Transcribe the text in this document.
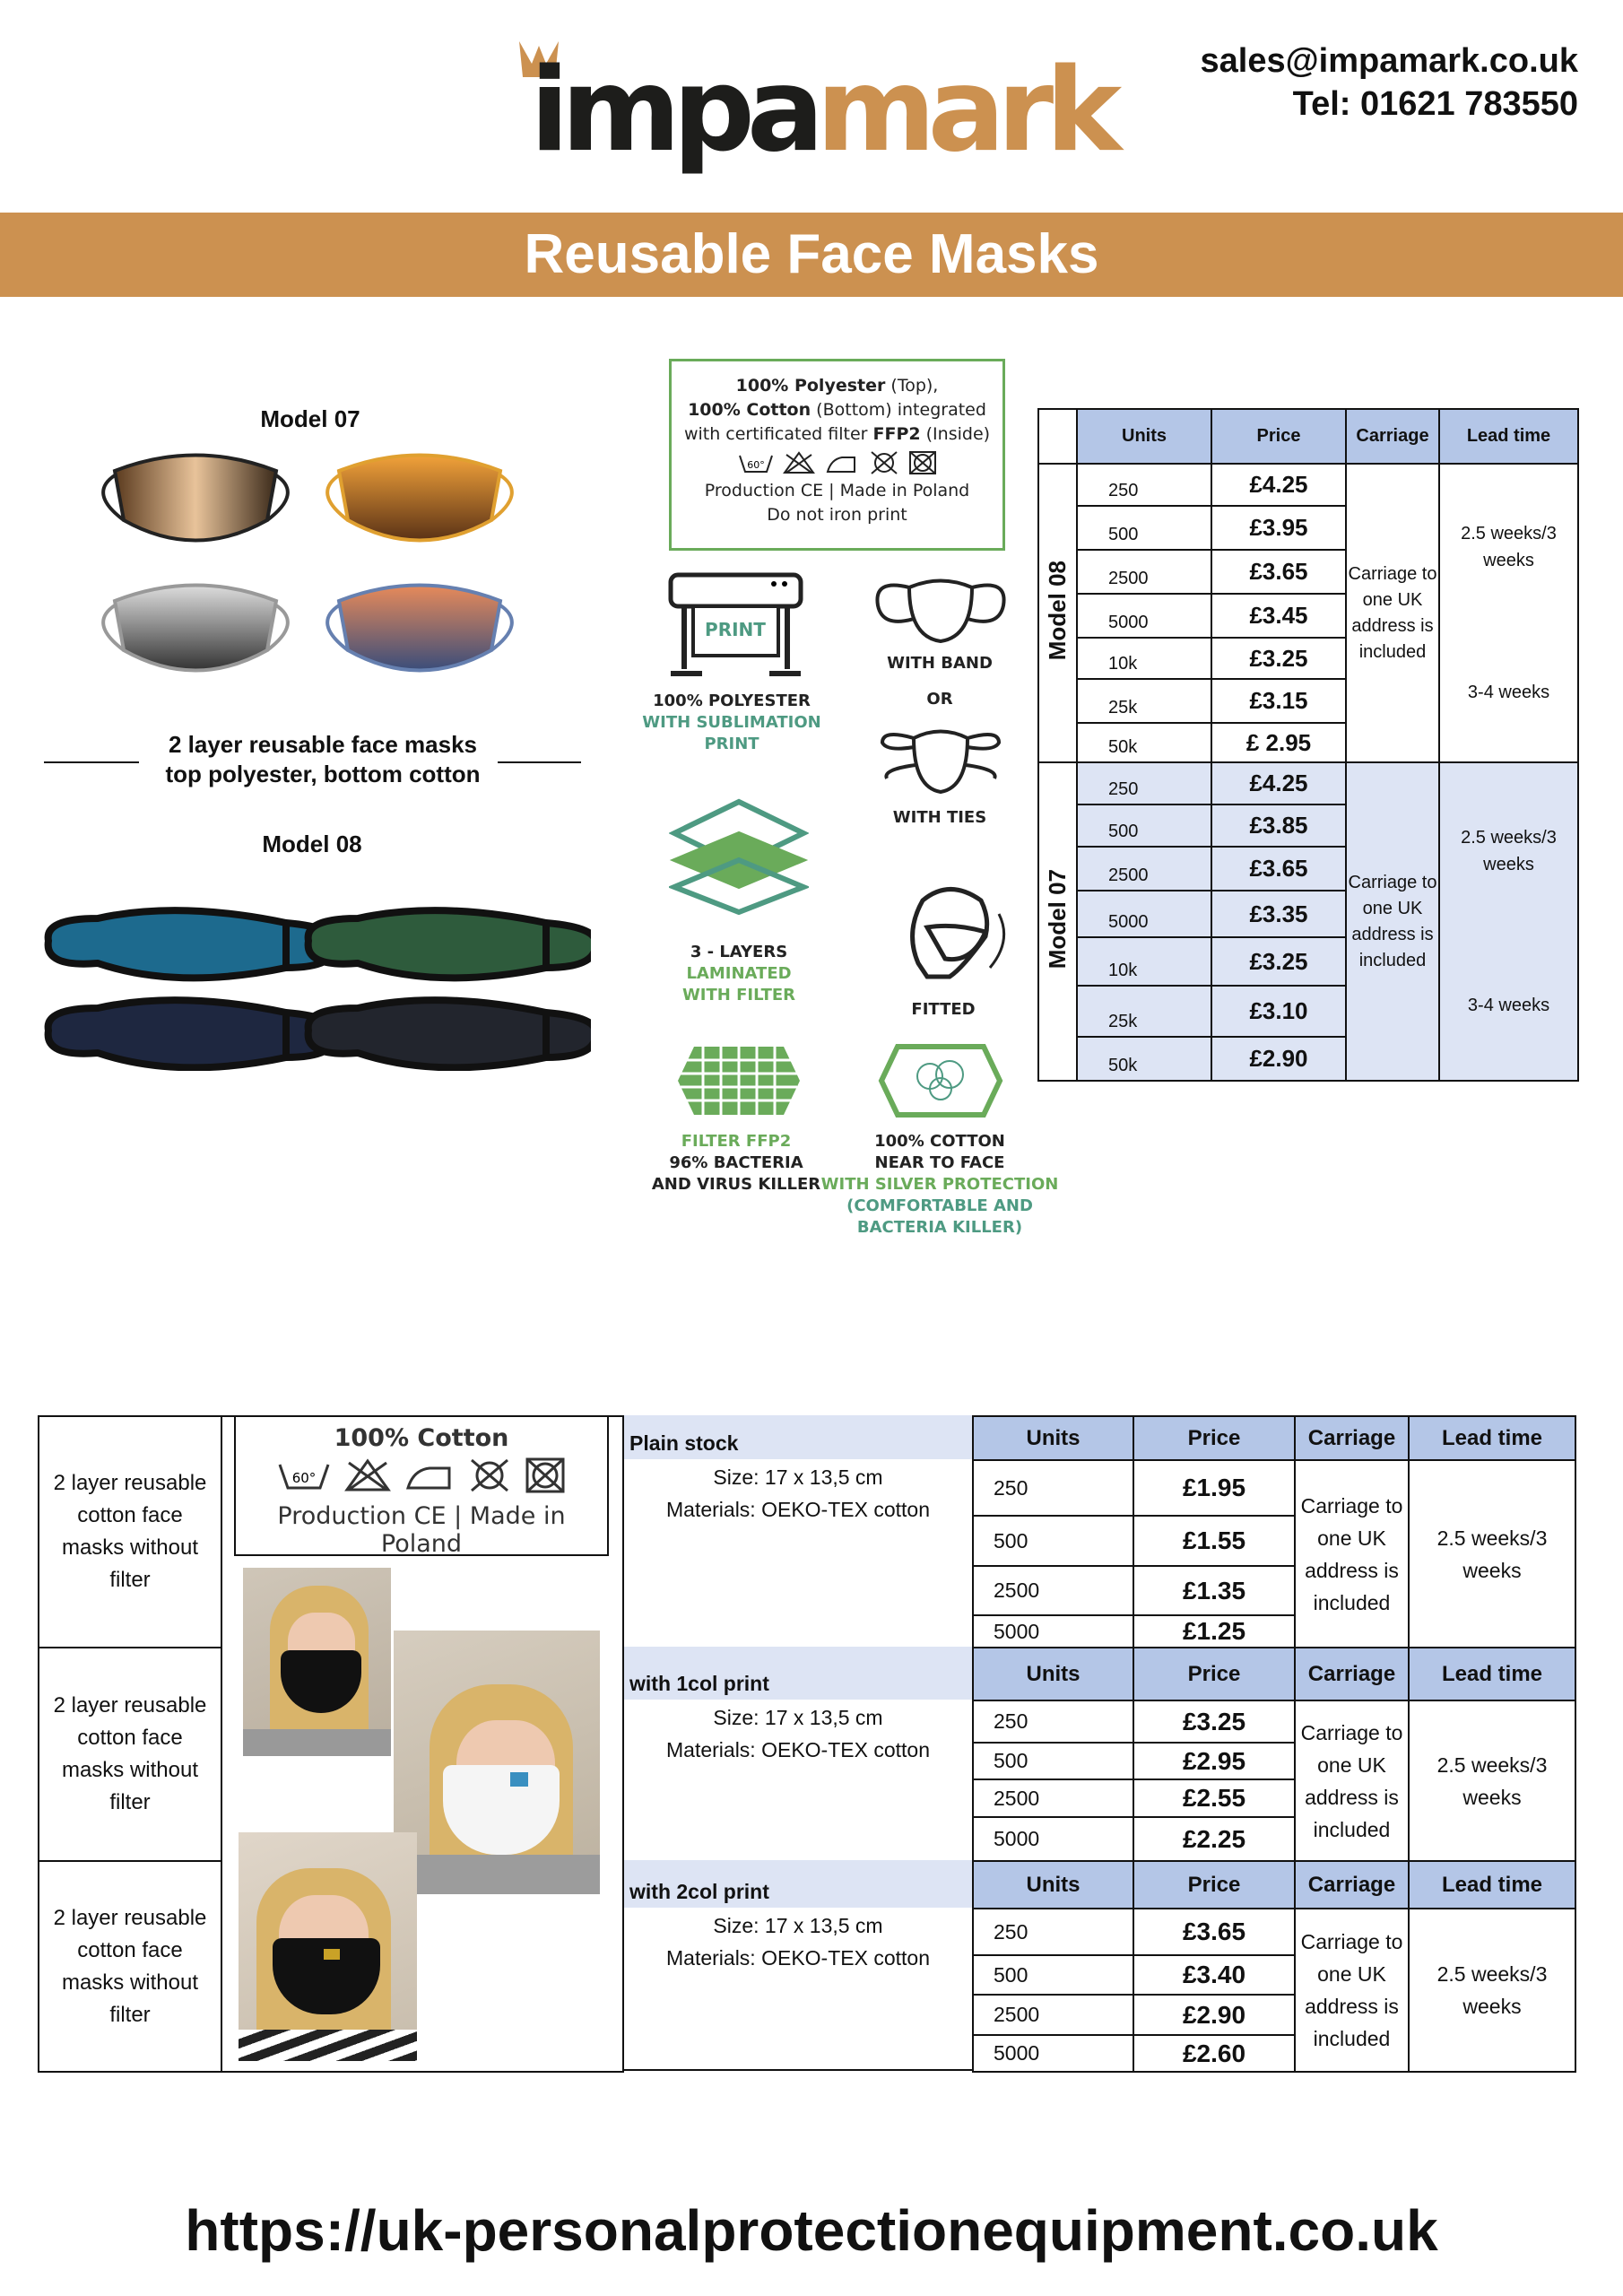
impamark	sales@impamark.co.uk
Tel: 01621 783550
Reusable Face Masks
Model 07
2 layer reusable face masks
top polyester, bottom cotton
Model 08
100% Polyester (Top),
100% Cotton (Bottom) integrated
with certificated filter FFP2 (Inside)
60°
Production CE | Made in Poland
Do not iron print
PRINT
100% POLYESTER
WITH SUBLIMATION
PRINT
WITH BAND
OR
WITH TIES
3 - LAYERS
LAMINATED
WITH FILTER
FITTED
FILTER FFP2
96% BACTERIA
AND VIRUS KILLER
100% COTTON
NEAR TO FACE
WITH SILVER PROTECTION
(COMFORTABLE AND
BACTERIA KILLER)
	Units	Price	Carriage	Lead time
Model 08	250	£4.25	Carriage to one UK address is included	2.5 weeks/3 weeks
3-4 weeks

	500	£3.95		
	2500	£3.65		
	5000	£3.45		
	10k	£3.25		
	25k	£3.15		
	50k	£ 2.95		
Model 07	250	£4.25	Carriage to one UK address is included	2.5 weeks/3 weeks
3-4 weeks

	500	£3.85		
	2500	£3.65		
	5000	£3.35		
	10k	£3.25		
	25k	£3.10		
	50k	£2.90		
2 layer reusable cotton face masks without filter
2 layer reusable cotton face masks without filter
2 layer reusable cotton face masks without filter
100% Cotton
60°
Production CE | Made in Poland
Plain stock
Size: 17 x 13,5 cm
Materials: OEKO-TEX cotton
Units	Price	Carriage	Lead time
250	£1.95	Carriage to one UK address is included	2.5 weeks/3 weeks
500	£1.55		
2500	£1.35		
5000	£1.25		
with 1col print
Size: 17 x 13,5 cm
Materials: OEKO-TEX cotton
Units	Price	Carriage	Lead time
250	£3.25	Carriage to one UK address is included	2.5 weeks/3 weeks
500	£2.95		
2500	£2.55		
5000	£2.25		
with 2col print
Size: 17 x 13,5 cm
Materials: OEKO-TEX cotton
Units	Price	Carriage	Lead time
250	£3.65	Carriage to one UK address is included	2.5 weeks/3 weeks
500	£3.40		
2500	£2.90		
5000	£2.60		
https://uk-personalprotectionequipment.co.uk
